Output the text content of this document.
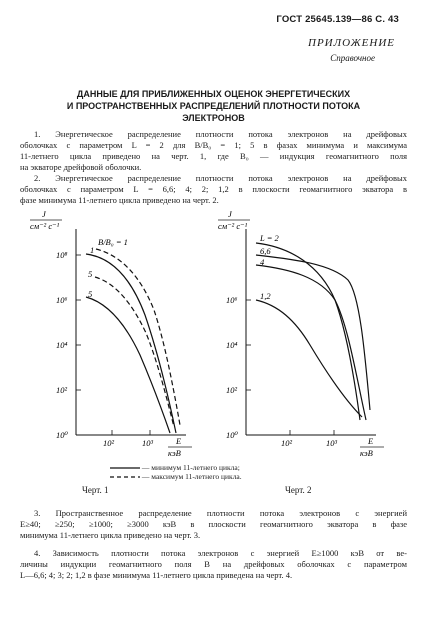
ГОСТ 25645.139—86 С. 43
ПРИЛОЖЕНИЕ
Справочное
ДАННЫЕ ДЛЯ ПРИБЛИЖЕННЫХ ОЦЕНОК ЭНЕРГЕТИЧЕСКИХ
И ПРОСТРАНСТВЕННЫХ РАСПРЕДЕЛЕНИЙ ПЛОТНОСТИ ПОТОКА
ЭЛЕКТРОНОВ
1. Энергетическое распределение плотности потока электронов на дрейфовых
оболочках с параметром L = 2 для B/B₀ = 1; 5 в фазах минимума и максимума
11-летнего цикла приведено на черт. 1, где B₀ — индукция геомагнитного поля
на экваторе дрейфовой оболочки.
2. Энергетическое распределение плотности потока электронов на дрейфовых
оболочках с параметром L = 6,6; 4; 2; 1,2 в плоскости геомагнитного экватора в
фазе минимума 11-летнего цикла приведено на черт. 2.
J
см⁻² с⁻¹
10⁸
10⁶
10⁴
10²
10⁰
10²	10³	E
кэВ
B/B₀ = 1
1
5
5
J
см⁻² с⁻¹
10⁶
10⁴
10²
10⁰
10²	10³	E
кэВ
L = 2
6,6
4
1,2
— минимум 11-летнего цикла;
— максимум 11-летнего цикла.
Черт. 1	Черт. 2
3. Пространственное распределение плотности потока электронов с энергией
E≥40; ≥250; ≥1000; ≥3000 кэВ в плоскости геомагнитного экватора в фазе
минимума 11-летнего цикла приведено на черт. 3.
4. Зависимость плотности потока электронов с энергией E≥1000 кэВ от ве-
личины индукции геомагнитного поля B на дрейфовых оболочках с параметром
L—6,6; 4; 3; 2; 1,2 в фазе минимума 11-летнего цикла приведена на черт. 4.
